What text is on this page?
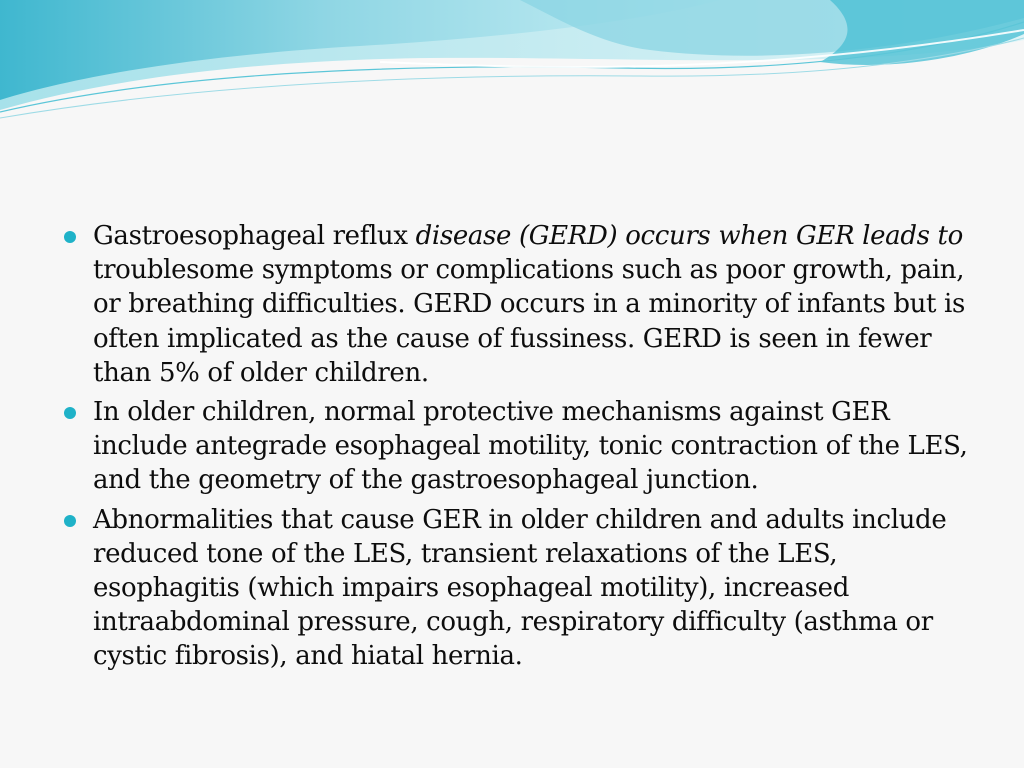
Gastroesophageal reflux disease (GERD) occurs when GER leads to troublesome symptoms or complications such as poor growth, pain, or breathing difficulties. GERD occurs in a minority of infants but is often implicated as the cause of fussiness. GERD is seen in fewer than 5% of older children.
In older children, normal protective mechanisms against GER include antegrade esophageal motility, tonic contraction of the LES, and the geometry of the gastroesophageal junction.
Abnormalities that cause GER in older children and adults include reduced tone of the LES, transient relaxations of the LES, esophagitis (which impairs esophageal motility), increased intraabdominal pressure, cough, respiratory difficulty (asthma or cystic fibrosis), and hiatal hernia.
